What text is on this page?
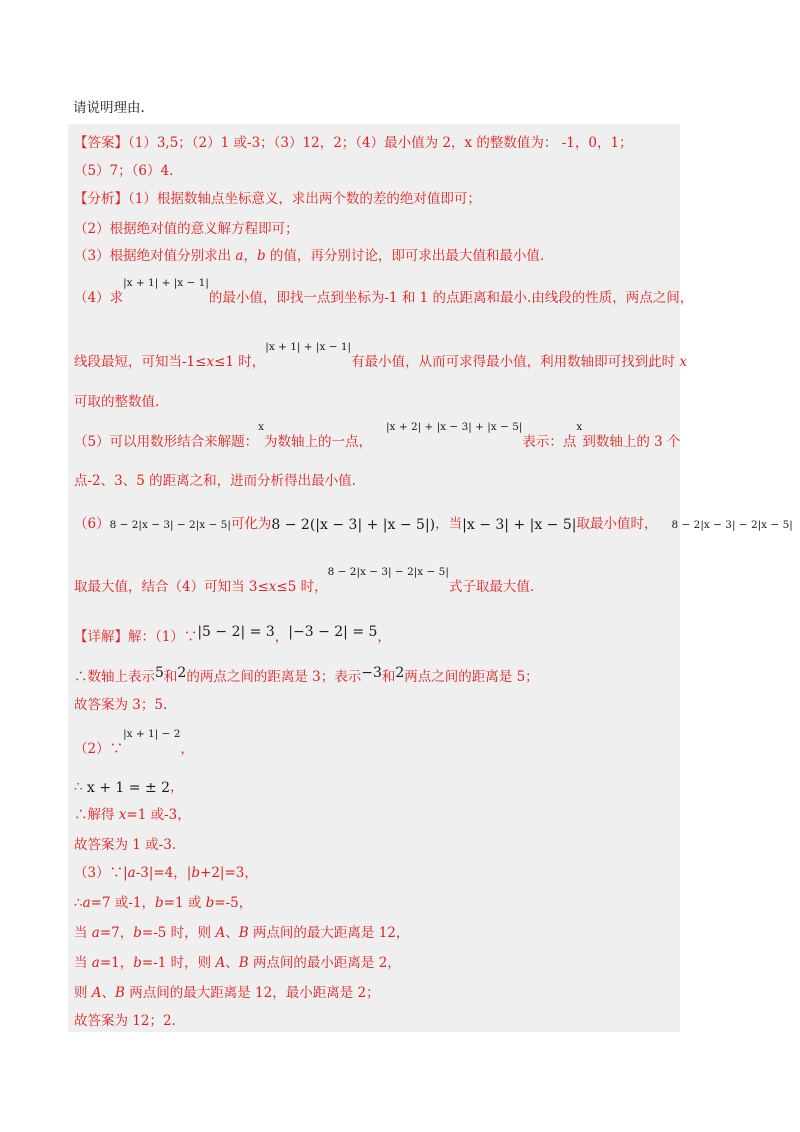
请说明理由.
【答案】（1）3,5；（2）1 或-3；（3）12，2；（4）最小值为 2，x 的整数值为： -1，0，1；
（5）7；（6）4.
【分析】（1）根据数轴点坐标意义，求出两个数的差的绝对值即可；
（2）根据绝对值的意义解方程即可；
（3）根据绝对值分别求出 a，b 的值，再分别讨论，即可求出最大值和最小值.
（4）求|x + 1| + |x − 1|的最小值，即找一点到坐标为-1 和 1 的点距离和最小.由线段的性质，两点之间，
线段最短，可知当-1≤x≤1 时，|x + 1| + |x − 1|有最小值，从而可求得最小值，利用数轴即可找到此时 x
可取的整数值.
（5）可以用数形结合来解题：x为数轴上的一点，|x + 2| + |x − 3| + |x − 5|表示：点x到数轴上的 3 个
点-2、3、5 的距离之和，进而分析得出最小值.
（6）8 − 2|x − 3| − 2|x − 5|可化为8 − 2(|x − 3| + |x − 5|)，当|x − 3| + |x − 5|取最小值时， 8 − 2|x − 3| − 2|x − 5|
取最大值，结合（4）可知当 3≤x≤5 时，8 − 2|x − 3| − 2|x − 5|式子取最大值.
【详解】解：（1）∵|5 − 2| = 3，|−3 − 2| = 5，
∴数轴上表示5和2的两点之间的距离是 3；表示−3和2两点之间的距离是 5；
故答案为 3；5.
（2）∵|x + 1| − 2，
∴ x + 1 = ± 2，
∴解得 x=1 或-3，
故答案为 1 或-3.
（3）∵|a-3|=4，|b+2|=3，
∴a=7 或-1，b=1 或 b=-5，
当 a=7，b=-5 时，则 A、B 两点间的最大距离是 12，
当 a=1，b=-1 时，则 A、B 两点间的最小距离是 2，
则 A、B 两点间的最大距离是 12，最小距离是 2；
故答案为 12；2.
